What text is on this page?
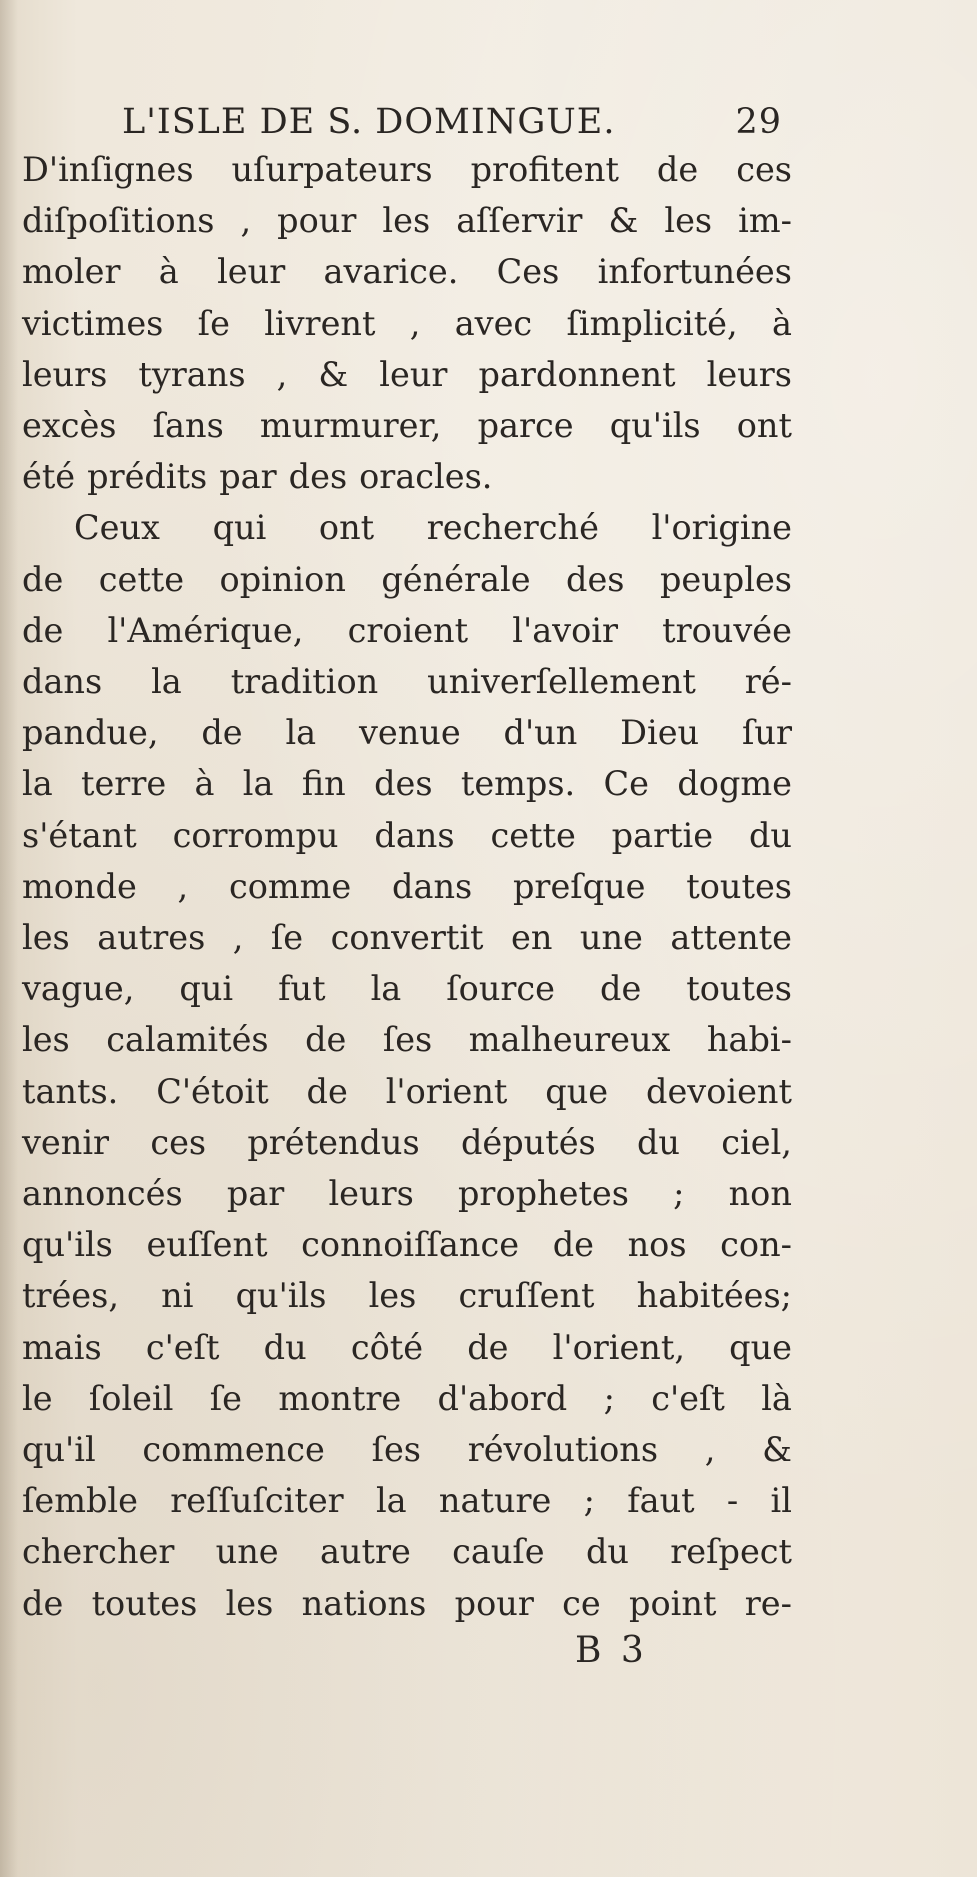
L'ISLE DE S. DOMINGUE.	29
D'inſignes uſurpateurs profitent de ces
diſpoſitions , pour les aſſervir & les im-
moler à leur avarice. Ces infortunées
victimes ſe livrent , avec ſimplicité, à
leurs tyrans , & leur pardonnent leurs
excès ſans murmurer, parce qu'ils ont
été prédits par des oracles.
Ceux qui ont recherché l'origine
de cette opinion générale des peuples
de l'Amérique, croient l'avoir trouvée
dans la tradition univerſellement ré-
pandue, de la venue d'un Dieu ſur
la terre à la fin des temps. Ce dogme
s'étant corrompu dans cette partie du
monde , comme dans preſque toutes
les autres , ſe convertit en une attente
vague, qui fut la ſource de toutes
les calamités de ſes malheureux habi-
tants. C'étoit de l'orient que devoient
venir ces prétendus députés du ciel,
annoncés par leurs prophetes ; non
qu'ils euſſent connoiſſance de nos con-
trées, ni qu'ils les cruſſent habitées;
mais c'eſt du côté de l'orient, que
le ſoleil ſe montre d'abord ; c'eſt là
qu'il commence ſes révolutions , &
ſemble reſſuſciter la nature ; faut - il
chercher une autre cauſe du reſpect
de toutes les nations pour ce point re-
B 3
